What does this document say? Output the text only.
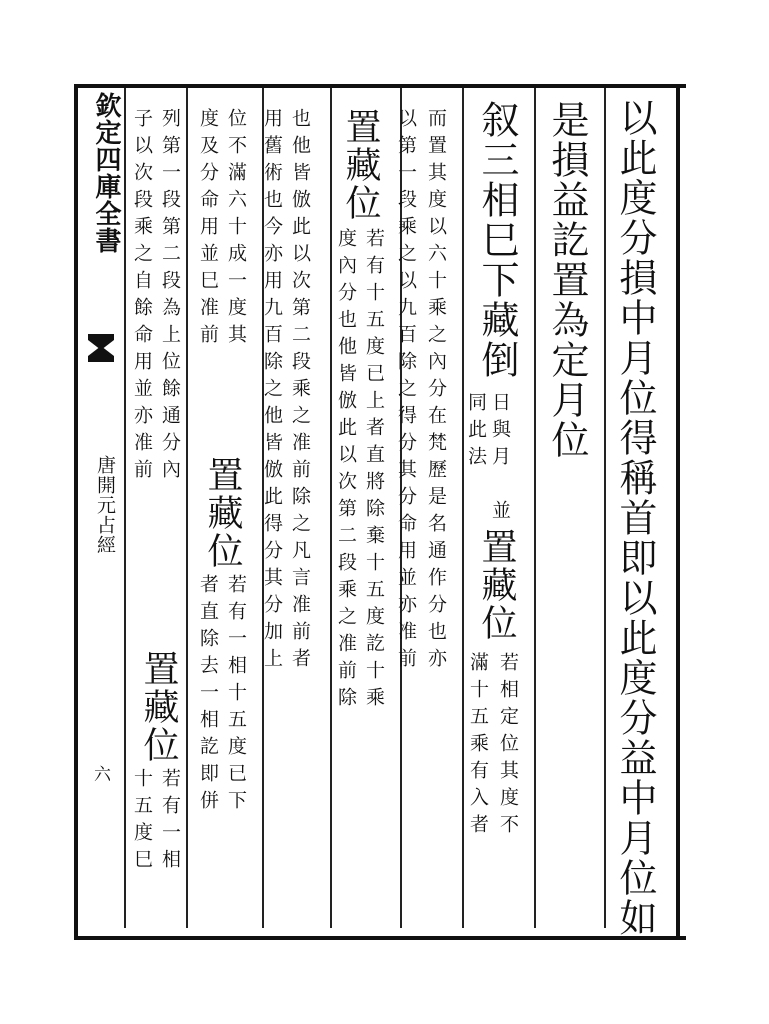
欽定四庫全書
唐開元占經
六	以此度分損中月位得稱首即以此度分益中月位如
是損益訖置為定月位
叙三相巳下藏倒
日與月
同此法
並
置藏位
若相定位其度不
滿十五乘有入者
而置其度以六十乘之內分在梵歷是名通作分也亦
以第一段乘之以九百除之得分其分命用並亦准前
置藏位
若有十五度已上者直將除棄十五度訖十乘
度內分也他皆倣此以次第二段乘之准前除
也他皆倣此以次第二段乘之准前除之凡言准前者
用舊術也今亦用九百除之他皆倣此得分其分加上
位不滿六十成一度其
度及分命用並巳准前
置藏位
若有一相十五度已下
者直除去一相訖即併
列第一段第二段為上位餘通分內
子以次段乘之自餘命用並亦准前
置藏位
若有一相
十五度巳
